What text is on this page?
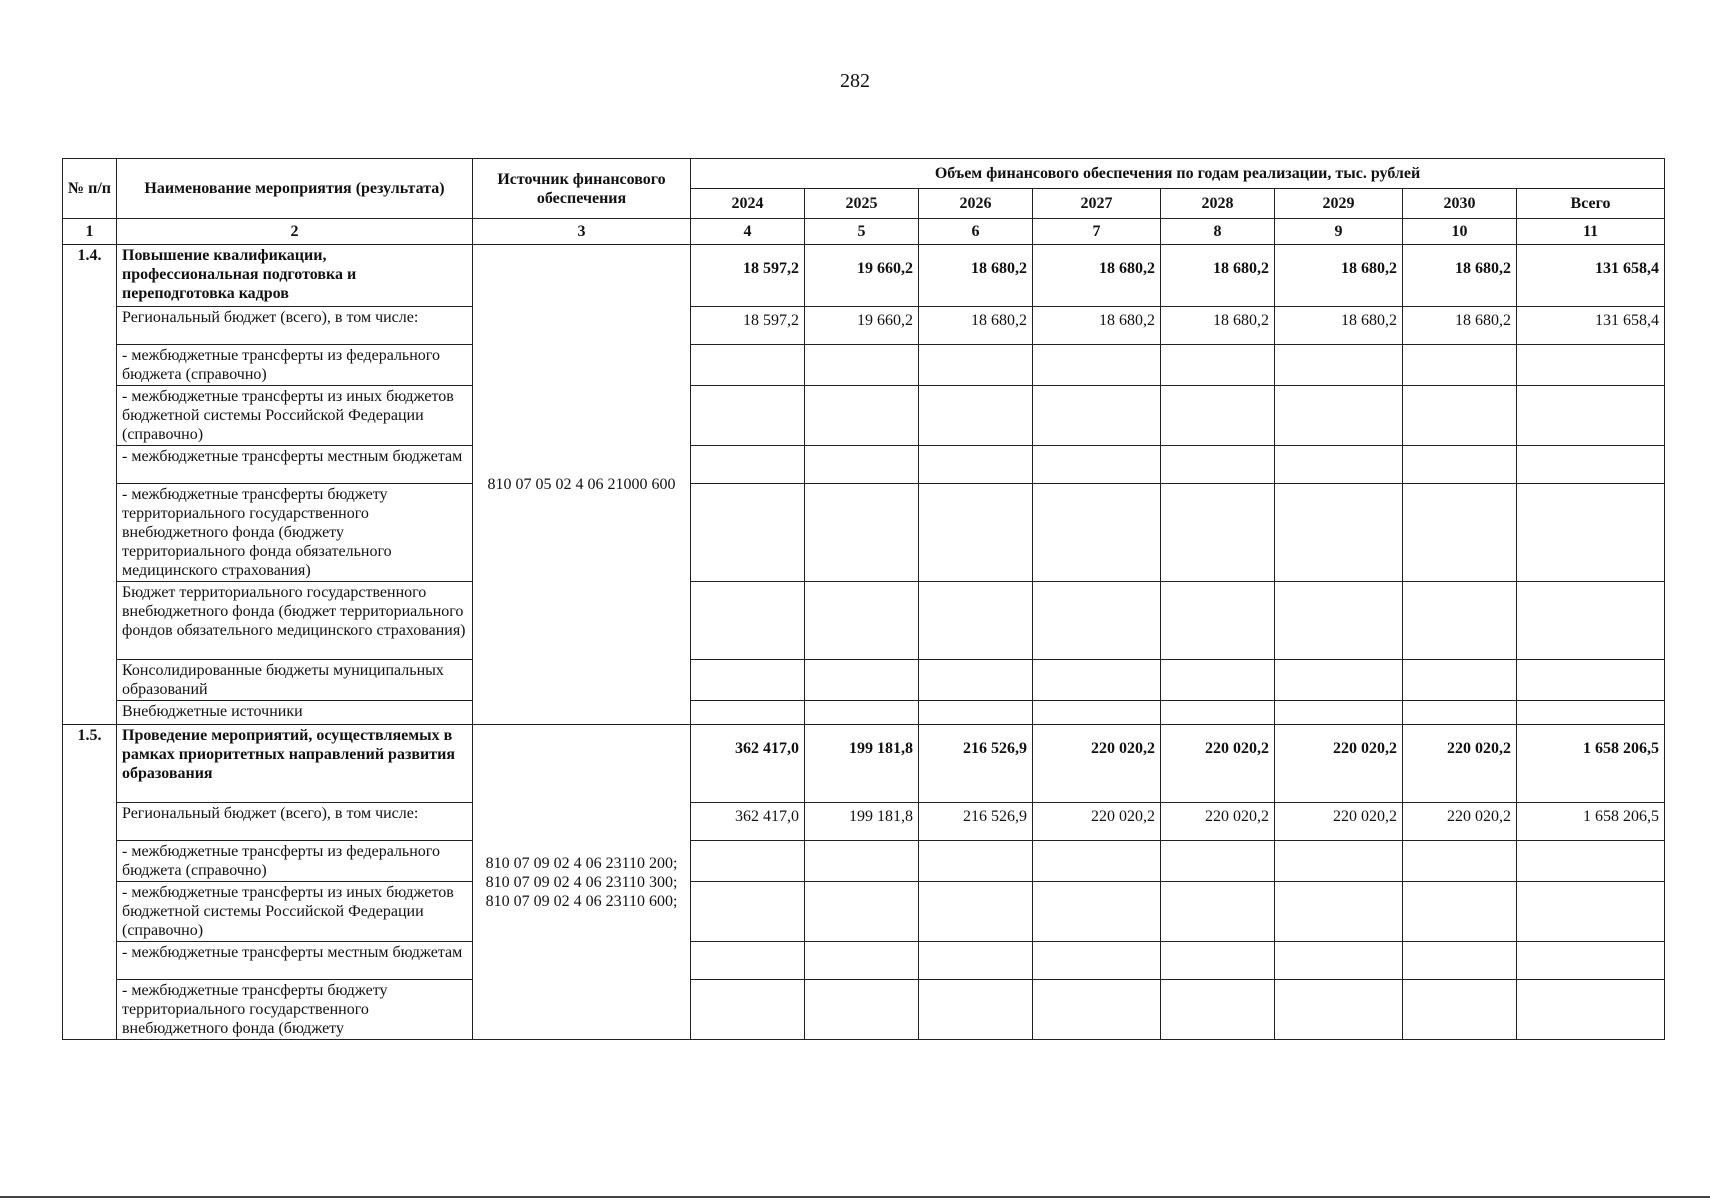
282
№ п/п	Наименование мероприятия (результата)	Источник финансового обеспечения	Объем финансового обеспечения по годам реализации, тыс. рублей							
			2024	2025	2026	2027	2028	2029	2030	Всего
1	2	3	4	5	6	7	8	9	10	11
1.4.	Повышение квалификации, профессиональная подготовка и переподготовка кадров	810 07 05 02 4 06 21000 600	18 597,2	19 660,2	18 680,2	18 680,2	18 680,2	18 680,2	18 680,2	131 658,4
	Региональный бюджет (всего), в том числе:		18 597,2	19 660,2	18 680,2	18 680,2	18 680,2	18 680,2	18 680,2	131 658,4
	- межбюджетные трансферты из федерального бюджета (справочно)									
	- межбюджетные трансферты из иных бюджетов бюджетной системы Российской Федерации (справочно)									
	- межбюджетные трансферты местным бюджетам									
	- межбюджетные трансферты бюджету территориального государственного внебюджетного фонда (бюджету территориального фонда обязательного медицинского страхования)									
	Бюджет территориального государственного внебюджетного фонда (бюджет территориального фондов обязательного медицинского страхования)									
	Консолидированные бюджеты муниципальных образований									
	Внебюджетные источники									
1.5.	Проведение мероприятий, осуществляемых в рамках приоритетных направлений развития образования	810 07 09 02 4 06 23110 200; 810 07 09 02 4 06 23110 300; 810 07 09 02 4 06 23110 600;	362 417,0	199 181,8	216 526,9	220 020,2	220 020,2	220 020,2	220 020,2	1 658 206,5
	Региональный бюджет (всего), в том числе:		362 417,0	199 181,8	216 526,9	220 020,2	220 020,2	220 020,2	220 020,2	1 658 206,5
	- межбюджетные трансферты из федерального бюджета (справочно)									
	- межбюджетные трансферты из иных бюджетов бюджетной системы Российской Федерации (справочно)									
	- межбюджетные трансферты местным бюджетам									
	- межбюджетные трансферты бюджету территориального государственного внебюджетного фонда (бюджету									
